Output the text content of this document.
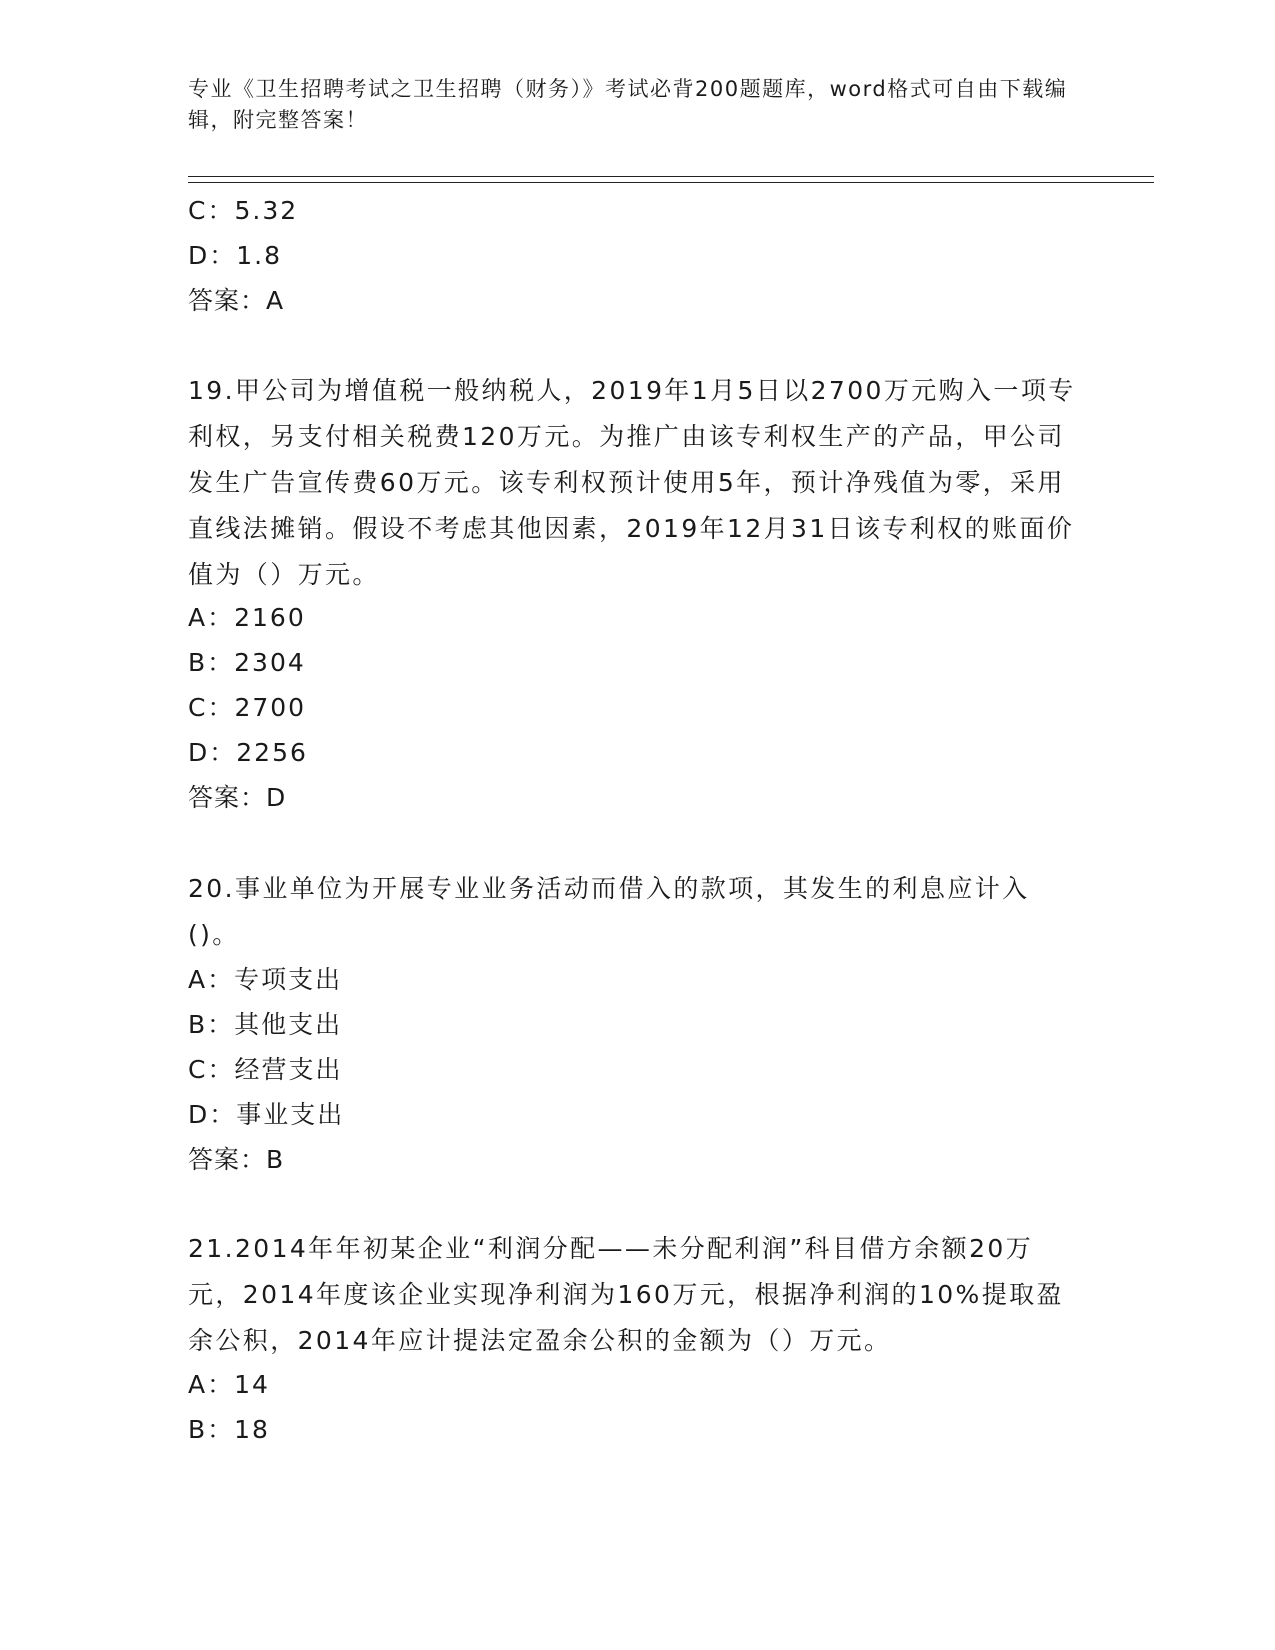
专业《卫生招聘考试之卫生招聘（财务）》考试必背200题题库，word格式可自由下载编辑，附完整答案！
C：5.32
D：1.8
答案：A
19.甲公司为增值税一般纳税人，2019年1月5日以2700万元购入一项专利权，另支付相关税费120万元。为推广由该专利权生产的产品，甲公司发生广告宣传费60万元。该专利权预计使用5年，预计净残值为零，采用直线法摊销。假设不考虑其他因素，2019年12月31日该专利权的账面价值为（）万元。
A：2160
B：2304
C：2700
D：2256
答案：D
20.事业单位为开展专业业务活动而借入的款项，其发生的利息应计入()。
A：专项支出
B：其他支出
C：经营支出
D：事业支出
答案：B
21.2014年年初某企业“利润分配——未分配利润”科目借方余额20万元，2014年度该企业实现净利润为160万元，根据净利润的10%提取盈余公积，2014年应计提法定盈余公积的金额为（）万元。
A：14
B：18
